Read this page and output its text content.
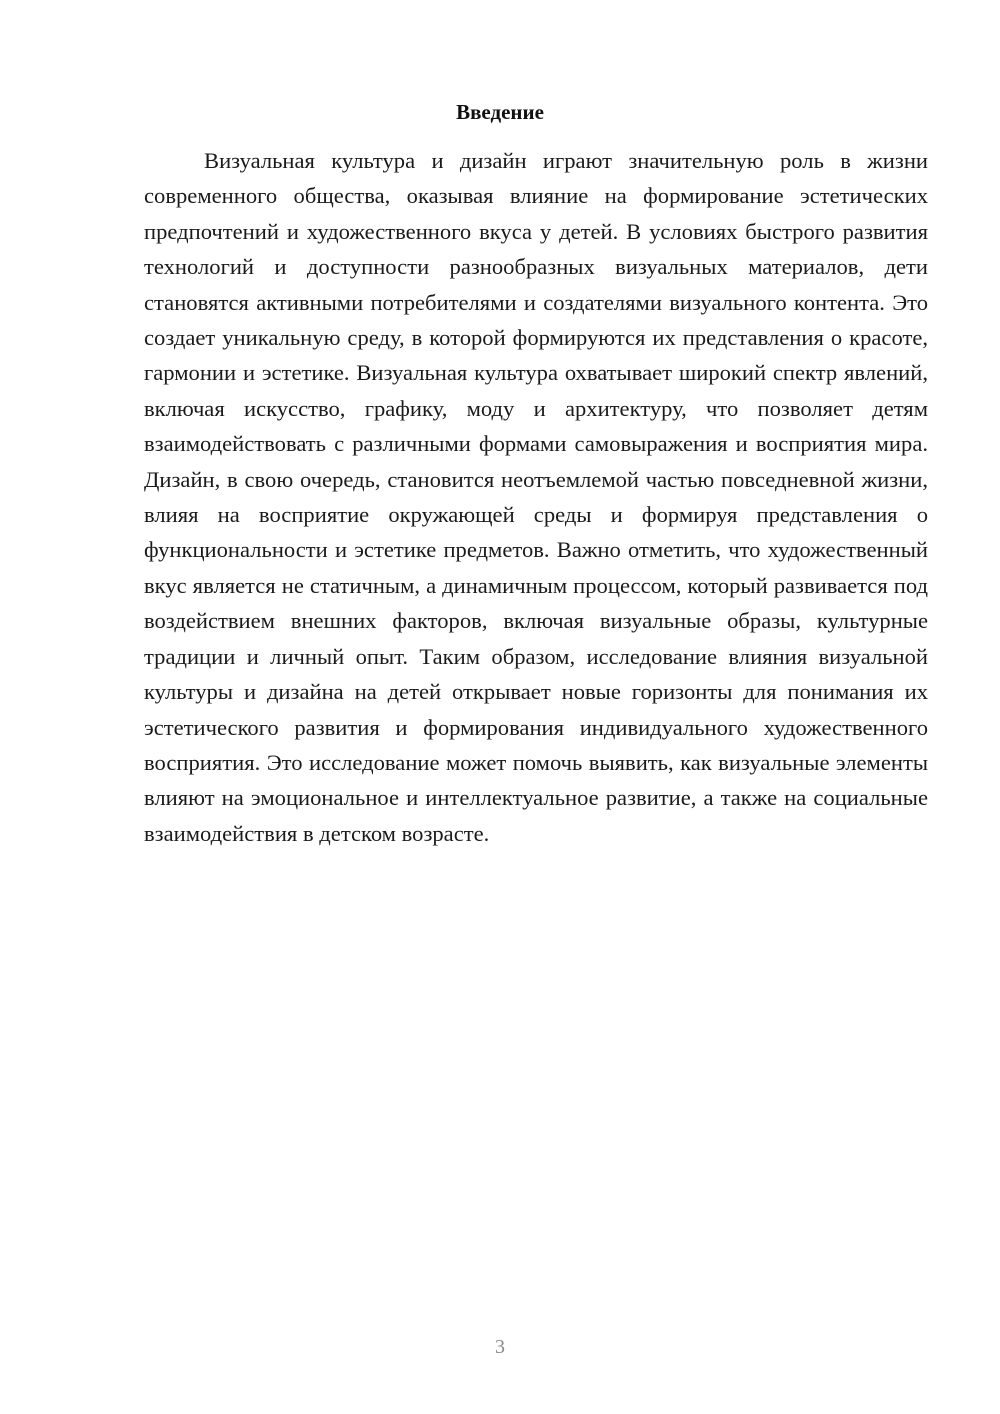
Введение

Визуальная культура и дизайн играют значительную роль в жизни современного общества, оказывая влияние на формирование эстетических предпочтений и художественного вкуса у детей. В условиях быстрого развития технологий и доступности разнообразных визуальных материалов, дети становятся активными потребителями и создателями визуального контента. Это создает уникальную среду, в которой формируются их представления о красоте, гармонии и эстетике. Визуальная культура охватывает широкий спектр явлений, включая искусство, графику, моду и архитектуру, что позволяет детям взаимодействовать с различными формами самовыражения и восприятия мира. Дизайн, в свою очередь, становится неотъемлемой частью повседневной жизни, влияя на восприятие окружающей среды и формируя представления о функциональности и эстетике предметов. Важно отметить, что художественный вкус является не статичным, а динамичным процессом, который развивается под воздействием внешних факторов, включая визуальные образы, культурные традиции и личный опыт. Таким образом, исследование влияния визуальной культуры и дизайна на детей открывает новые горизонты для понимания их эстетического развития и формирования индивидуального художественного восприятия. Это исследование может помочь выявить, как визуальные элементы влияют на эмоциональное и интеллектуальное развитие, а также на социальные взаимодействия в детском возрасте.

3
